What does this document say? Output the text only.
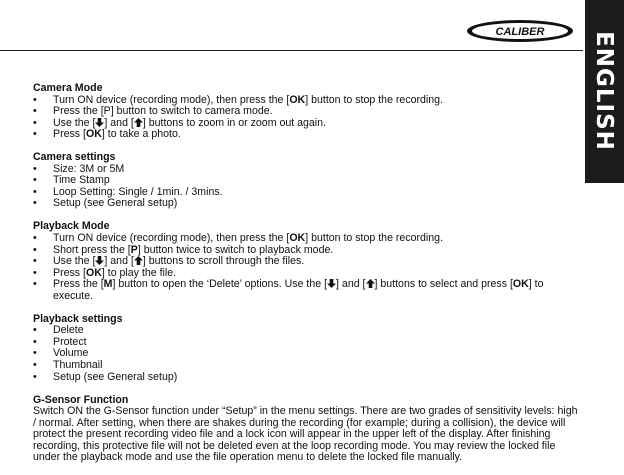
CALIBER ENGLISH
Camera Mode
• Turn ON device (recording mode), then press the [OK] button to stop the recording.
• Press the [P] button to switch to camera mode.
• Use the [ ] and [ ] buttons to zoom in or zoom out again.
• Press [OK] to take a photo.
Camera settings
• Size: 3M or 5M
• Time Stamp
• Loop Setting: Single / 1min. / 3mins.
• Setup (see General setup)
Playback Mode
• Turn ON device (recording mode), then press the [OK] button to stop the recording.
• Short press the [P] button twice to switch to playback mode.
• Use the [ ] and [ ] buttons to scroll through the files.
• Press [OK] to play the file.
• Press the [M] button to open the ‘Delete’ options. Use the [ ] and [ ] buttons to select and press [OK] to execute.
Playback settings
• Delete
• Protect
• Volume
• Thumbnail
• Setup (see General setup)
G-Sensor Function

Switch ON the G-Sensor function under “Setup” in the menu settings. There are two grades of sensitivity levels: high / normal. After setting, when there are shakes during the recording (for example; during a collision), the device will protect the present recording video file and a lock icon will appear in the upper left of the display. After finishing recording, this protective file will not be deleted even at the loop recording mode. You may review the locked file under the playback mode and use the file operation menu to delete the locked file manually.
